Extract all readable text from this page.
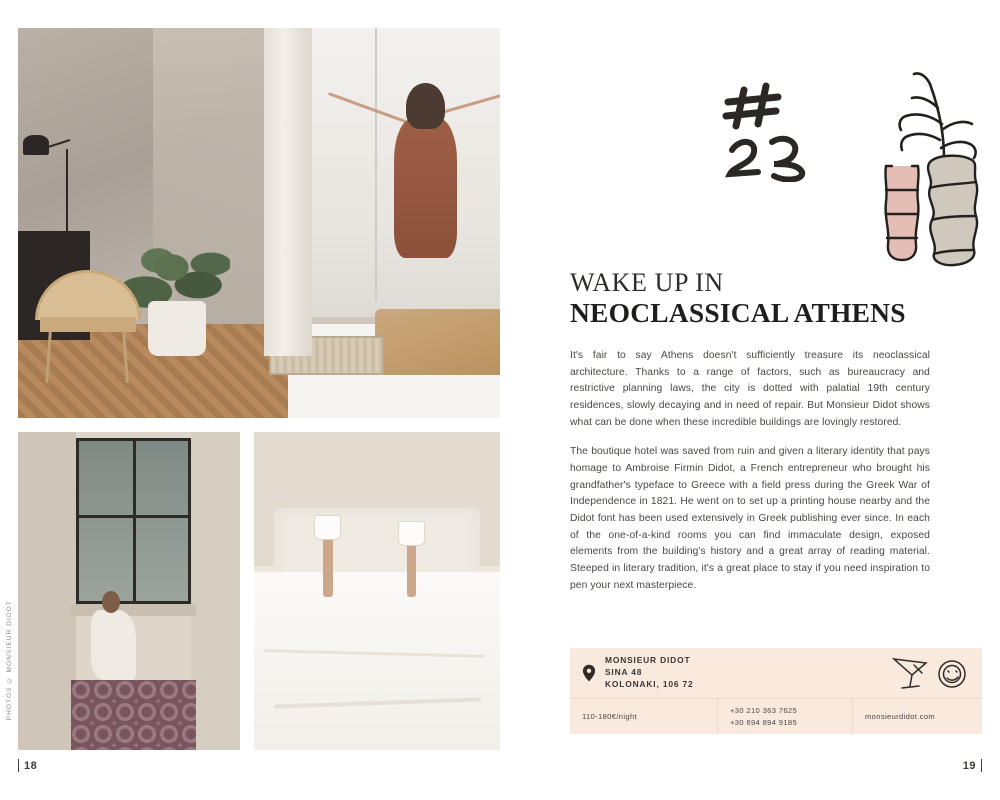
PHOTOS © MONSIEUR DIDOT
18
WAKE UP IN
NEOCLASSICAL ATHENS

It's fair to say Athens doesn't sufficiently treasure its neoclassical architecture. Thanks to a range of factors, such as bureaucracy and restrictive planning laws, the city is dotted with palatial 19th century residences, slowly decaying and in need of repair. But Monsieur Didot shows what can be done when these incredible buildings are lovingly restored.

The boutique hotel was saved from ruin and given a literary identity that pays homage to Ambroise Firmin Didot, a French entrepreneur who brought his grandfather's typeface to Greece with a field press during the Greek War of Independence in 1821. He went on to set up a printing house nearby and the Didot font has been used extensively in Greek publishing ever since. In each of the one-of-a-kind rooms you can find immaculate design, exposed elements from the building's history and a great array of reading material. Steeped in literary tradition, it's a great place to stay if you need inspiration to pen your next masterpiece.

MONSIEUR DIDOT
SINA 48
KOLONAKI, 106 72
110-180€/night
+30 210 363 7625
+30 694 894 9185
monsieurdidot.com
19
